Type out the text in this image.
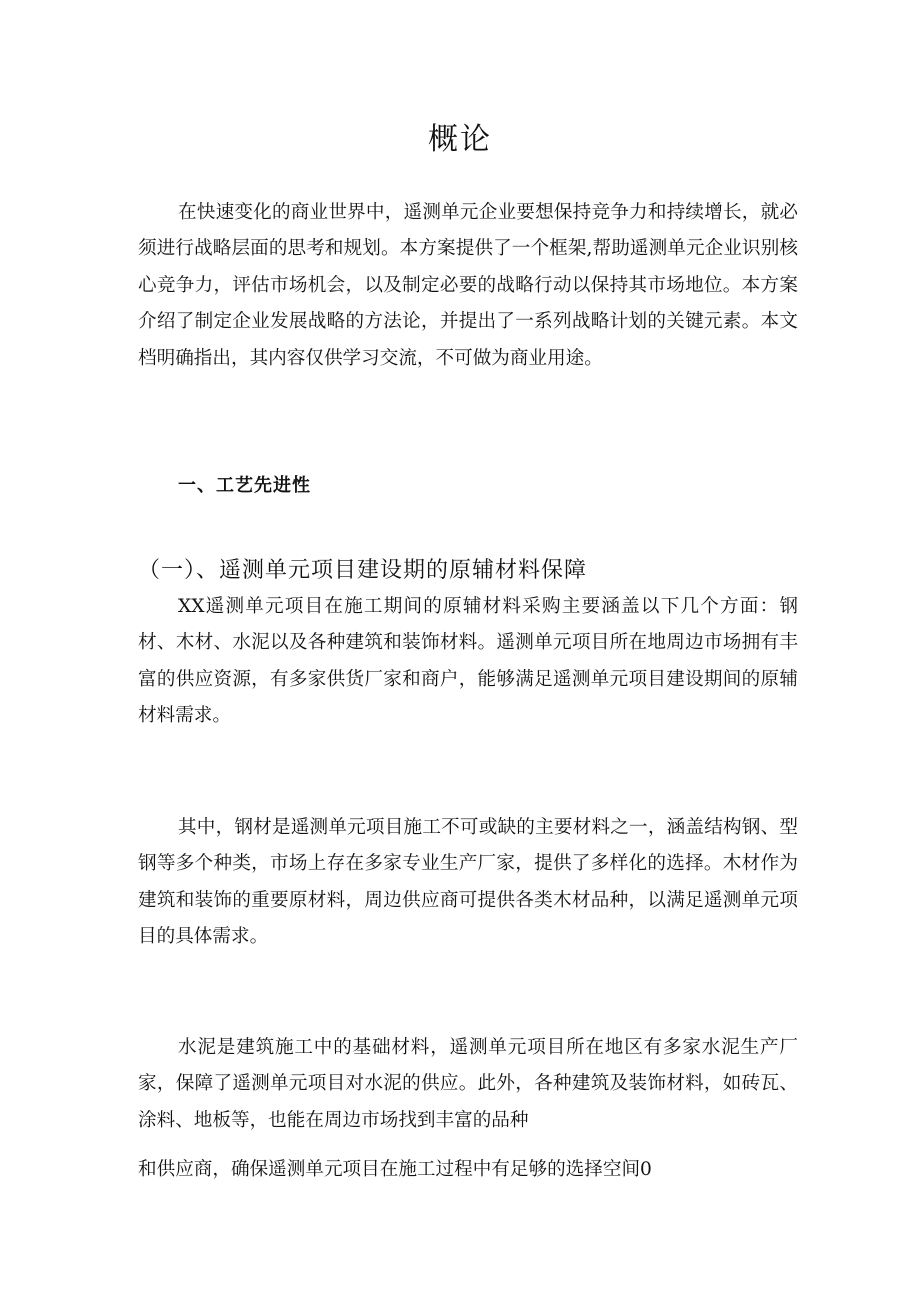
概论

在快速变化的商业世界中，遥测单元企业要想保持竞争力和持续增长，就必须进行战略层面的思考和规划。本方案提供了一个框架,帮助遥测单元企业识别核心竞争力，评估市场机会，以及制定必要的战略行动以保持其市场地位。本方案介绍了制定企业发展战略的方法论，并提出了一系列战略计划的关键元素。本文档明确指出，其内容仅供学习交流，不可做为商业用途。

一、工艺先进性
（一）、遥测单元项目建设期的原辅材料保障

XX遥测单元项目在施工期间的原辅材料采购主要涵盖以下几个方面：钢材、木材、水泥以及各种建筑和装饰材料。遥测单元项目所在地周边市场拥有丰富的供应资源，有多家供货厂家和商户，能够满足遥测单元项目建设期间的原辅材料需求。

其中，钢材是遥测单元项目施工不可或缺的主要材料之一，涵盖结构钢、型钢等多个种类，市场上存在多家专业生产厂家，提供了多样化的选择。木材作为建筑和装饰的重要原材料，周边供应商可提供各类木材品种，以满足遥测单元项目的具体需求。

水泥是建筑施工中的基础材料，遥测单元项目所在地区有多家水泥生产厂家，保障了遥测单元项目对水泥的供应。此外，各种建筑及装饰材料，如砖瓦、涂料、地板等，也能在周边市场找到丰富的品种

和供应商，确保遥测单元项目在施工过程中有足够的选择空间0
